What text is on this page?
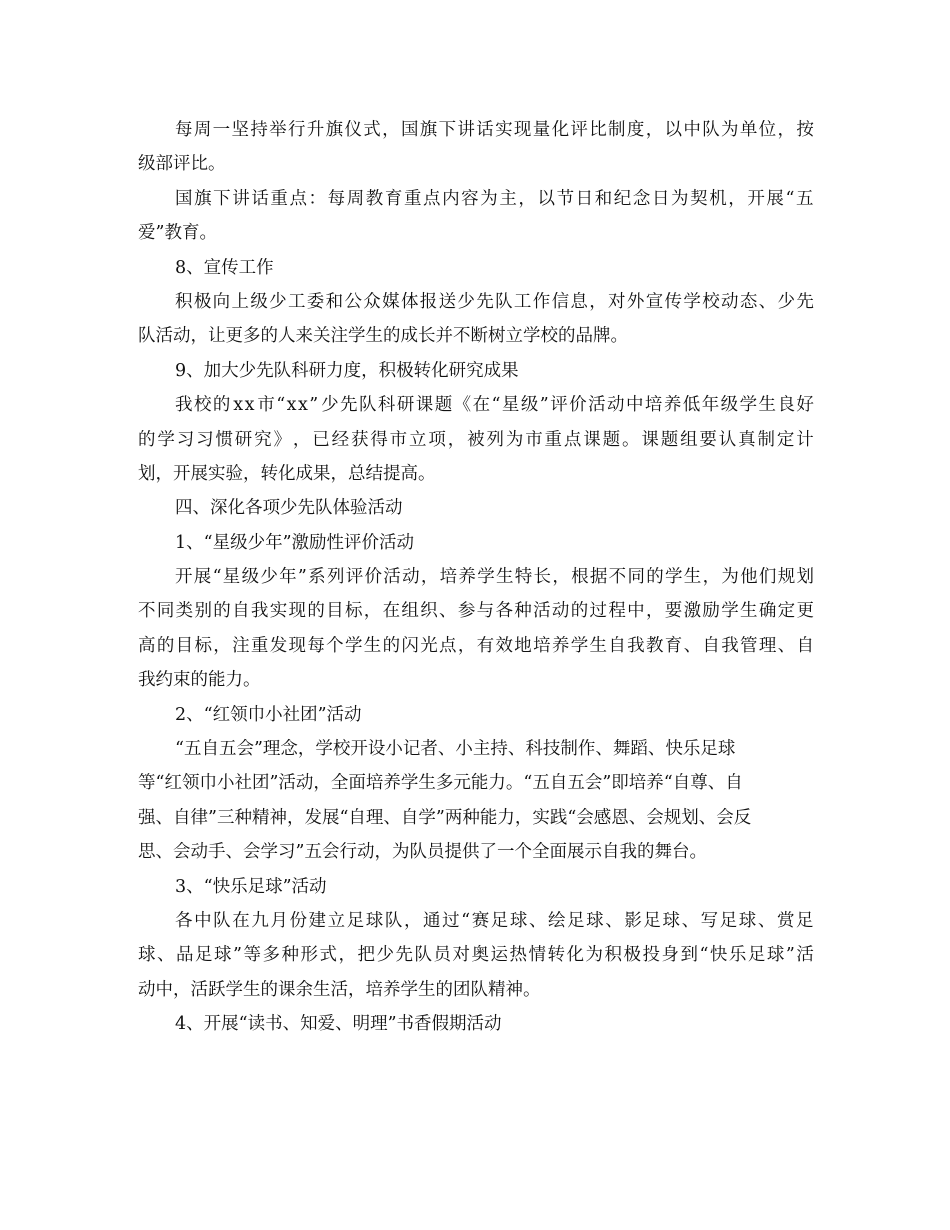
每 周 一 坚 持 举 行 升 旗 仪 式 ， 国 旗 下 讲 话 实 现 量 化 评 比 制 度 ， 以 中 队 为 单 位 ， 按
级部评比。
国 旗 下 讲 话 重 点 ： 每 周 教 育 重 点 内 容 为 主 ， 以 节 日 和 纪 念 日 为 契 机 ， 开 展 “ 五
爱”教育。
8、宣传工作
积 极 向 上 级 少 工 委 和 公 众 媒 体 报 送 少 先 队 工 作 信 息 ， 对 外 宣 传 学 校 动 态 、 少 先
队活动，让更多的人来关注学生的成长并不断树立学校的品牌。
9、加大少先队科研力度，积极转化研究成果
我 校 的 x x 市 “ x x ” 少 先 队 科 研 课 题 《 在 “ 星 级 ” 评 价 活 动 中 培 养 低 年 级 学 生 良 好
的 学 习 习 惯 研 究 》 ， 已 经 获 得 市 立 项 ， 被 列 为 市 重 点 课 题 。 课 题 组 要 认 真 制 定 计
划，开展实验，转化成果，总结提高。
四、深化各项少先队体验活动
1、“星级少年”激励性评价活动
开 展 “ 星 级 少 年 ” 系 列 评 价 活 动 ， 培 养 学 生 特 长 ， 根 据 不 同 的 学 生 ， 为 他 们 规 划
不 同 类 别 的 自 我 实 现 的 目 标 ， 在 组 织 、 参 与 各 种 活 动 的 过 程 中 ， 要 激 励 学 生 确 定 更
高 的 目 标 ， 注 重 发 现 每 个 学 生 的 闪 光 点 ， 有 效 地 培 养 学 生 自 我 教 育 、 自 我 管 理 、 自
我约束的能力。
2、“红领巾小社团”活动
“五自五会”理念，学校开设小记者、小主持、科技制作、舞蹈、快乐足球
等“红领巾小社团”活动，全面培养学生多元能力。“五自五会”即培养“自尊、自
强、自律”三种精神，发展“自理、自学”两种能力，实践“会感恩、会规划、会反
思、会动手、会学习”五会行动，为队员提供了一个全面展示自我的舞台。
3、“快乐足球”活动
各 中 队 在 九 月 份 建 立 足 球 队 ， 通 过 “ 赛 足 球 、 绘 足 球 、 影 足 球 、 写 足 球 、 赏 足
球 、 品 足 球 ” 等 多 种 形 式 ， 把 少 先 队 员 对 奥 运 热 情 转 化 为 积 极 投 身 到 “ 快 乐 足 球 ” 活
动中，活跃学生的课余生活，培养学生的团队精神。
4、开展“读书、知爱、明理”书香假期活动
